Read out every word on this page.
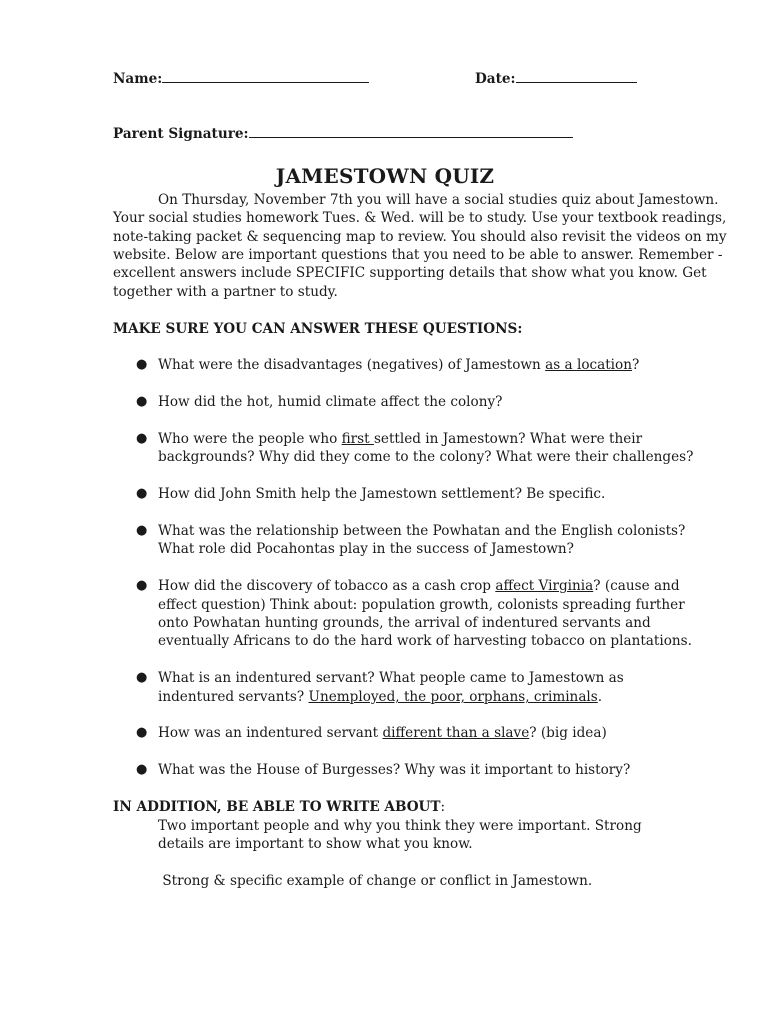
Name:	Date:
Parent Signature:
JAMESTOWN QUIZ
On Thursday, November 7th you will have a social studies quiz about Jamestown.
Your social studies homework Tues. & Wed. will be to study. Use your textbook readings,
note-taking packet & sequencing map to review. You should also revisit the videos on my
website. Below are important questions that you need to be able to answer. Remember -
excellent answers include SPECIFIC supporting details that show what you know. Get
together with a partner to study.
MAKE SURE YOU CAN ANSWER THESE QUESTIONS:
● What were the disadvantages (negatives) of Jamestown as a location?
● How did the hot, humid climate affect the colony?
● Who were the people who first settled in Jamestown? What were their
backgrounds? Why did they come to the colony? What were their challenges?
● How did John Smith help the Jamestown settlement? Be specific.
● What was the relationship between the Powhatan and the English colonists?
What role did Pocahontas play in the success of Jamestown?
● How did the discovery of tobacco as a cash crop affect Virginia? (cause and
effect question) Think about: population growth, colonists spreading further
onto Powhatan hunting grounds, the arrival of indentured servants and
eventually Africans to do the hard work of harvesting tobacco on plantations.
● What is an indentured servant? What people came to Jamestown as
indentured servants? Unemployed, the poor, orphans, criminals.
● How was an indentured servant different than a slave? (big idea)
● What was the House of Burgesses? Why was it important to history?
IN ADDITION, BE ABLE TO WRITE ABOUT:
Two important people and why you think they were important. Strong
details are important to show what you know.
Strong & specific example of change or conflict in Jamestown.
